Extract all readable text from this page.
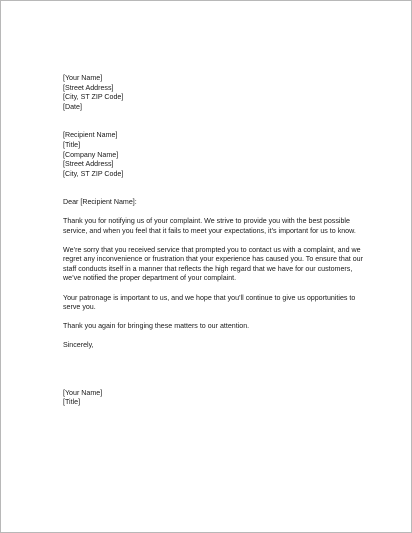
[Your Name]
[Street Address]
[City, ST ZIP Code]
[Date]
[Recipient Name]
[Title]
[Company Name]
[Street Address]
[City, ST ZIP Code]
Dear [Recipient Name]:

Thank you for notifying us of your complaint. We strive to provide you with the best possible service, and when you feel that it fails to meet your expectations, it’s important for us to know.

We’re sorry that you received service that prompted you to contact us with a complaint, and we regret any inconvenience or frustration that your experience has caused you. To ensure that our staff conducts itself in a manner that reflects the high regard that we have for our customers, we’ve notified the proper department of your complaint.

Your patronage is important to us, and we hope that you’ll continue to give us opportunities to serve you.

Thank you again for bringing these matters to our attention.

Sincerely,
[Your Name]
[Title]
